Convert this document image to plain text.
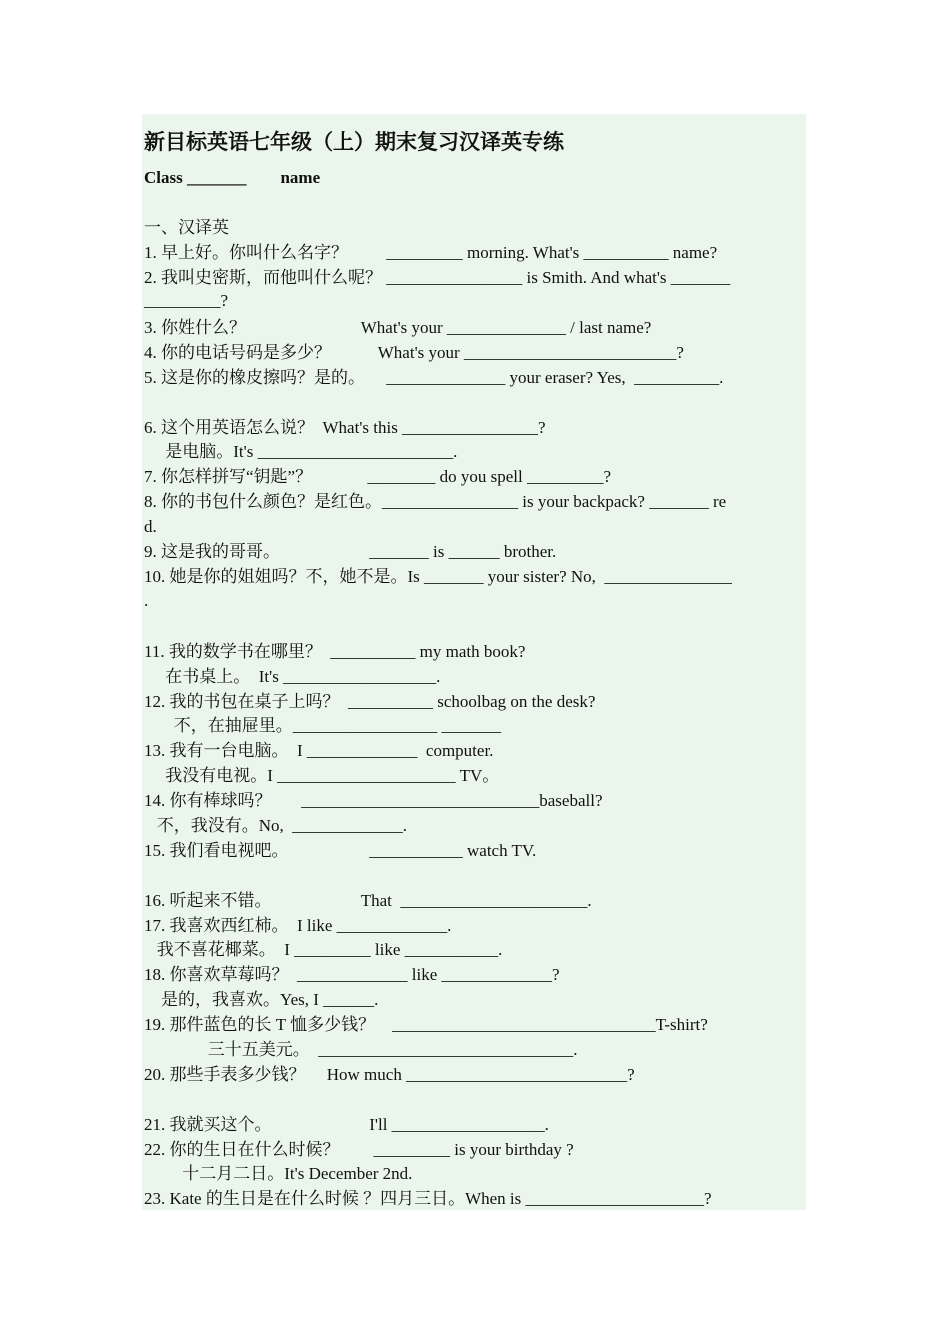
新目标英语七年级（上）期末复习汉译英专练
Class _______        name
一、汉译英
1. 早上好。你叫什么名字？         _________ morning. What's __________ name?
2. 我叫史密斯，而他叫什么呢？ ________________ is Smith. And what's _______
_________?
3. 你姓什么？                           What's your ______________ / last name?
4. 你的电话号码是多少？           What's your _________________________?
5. 这是你的橡皮擦吗？是的。     ______________ your eraser? Yes,  __________.
6. 这个用英语怎么说？  What's this ________________?
是电脑。It's _______________________.
7. 你怎样拼写“钥匙”？             ________ do you spell _________?
8. 你的书包什么颜色？是红色。________________ is your backpack? _______ re
d.
9. 这是我的哥哥。                     _______ is ______ brother.
10. 她是你的姐姐吗？不，她不是。Is _______ your sister? No,  _______________
.
11. 我的数学书在哪里？  __________ my math book?
在书桌上。  It's __________________.
12. 我的书包在桌子上吗？  __________ schoolbag on the desk?
不，在抽屉里。_________________ _______
13. 我有一台电脑。  I _____________  computer.
我没有电视。I _____________________ TV。
14. 你有棒球吗？       ____________________________baseball?
不，我没有。No,  _____________.
15. 我们看电视吧。                   ___________ watch TV.
16. 听起来不错。                     That  ______________________.
17. 我喜欢西红柿。  I like _____________.
我不喜花椰菜。  I _________ like ___________.
18. 你喜欢草莓吗？  _____________ like _____________?
是的，我喜欢。Yes, I ______.
19. 那件蓝色的长 T 恤多少钱？    _______________________________T-shirt?
三十五美元。  ______________________________.
20. 那些手表多少钱？     How much __________________________?
21. 我就买这个。                       I'll __________________.
22. 你的生日在什么时候？        _________ is your birthday ?
十二月二日。It's December 2nd.
23. Kate 的生日是在什么时候 ？四月三日。When is _____________________?
